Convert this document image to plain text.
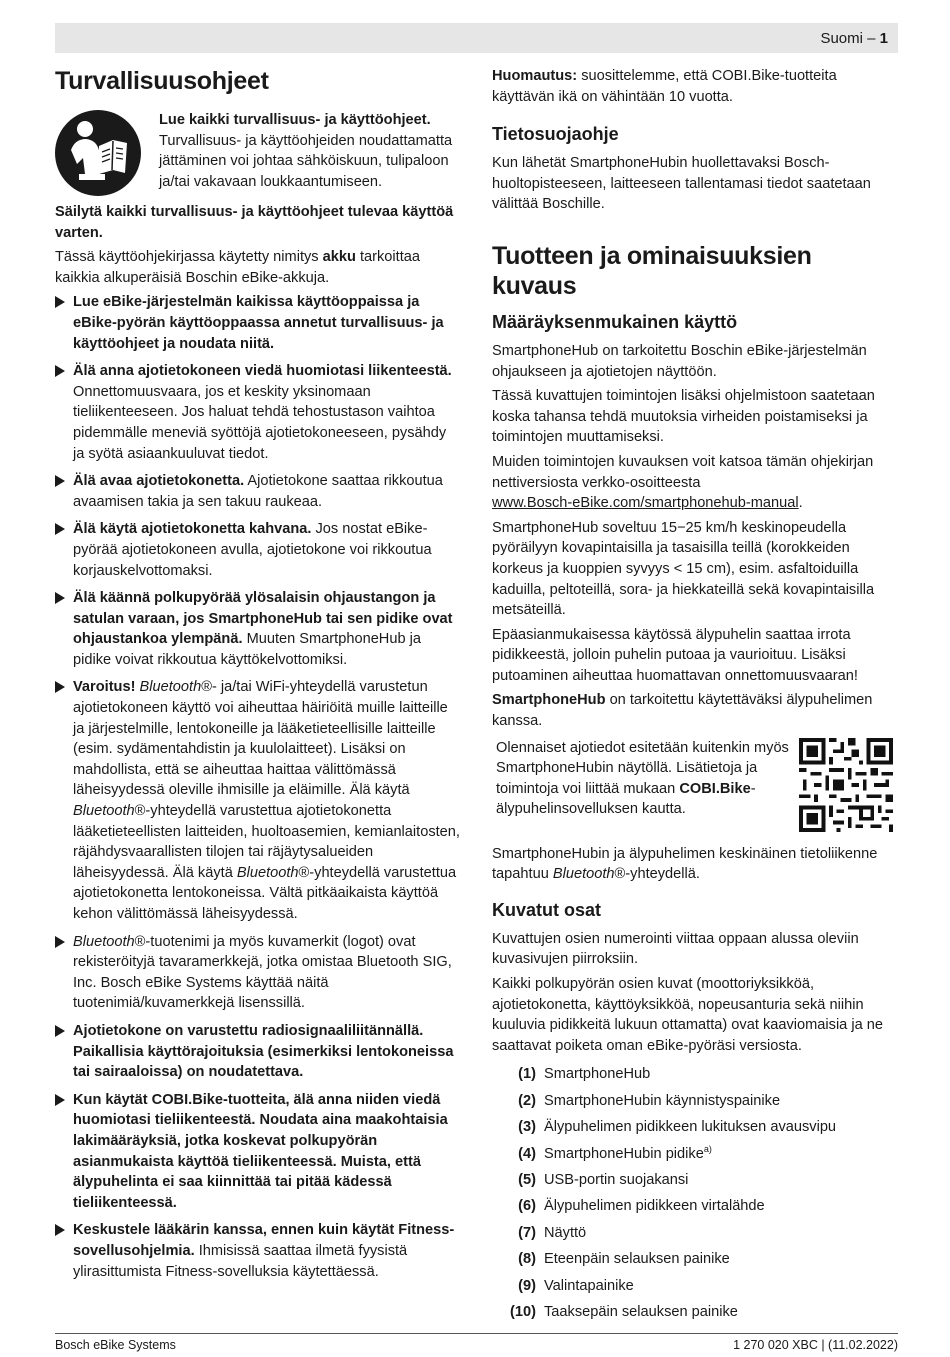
Suomi – 1
Turvallisuusohjeet
Lue kaikki turvallisuus- ja käyttöohjeet.
Turvallisuus- ja käyttöohjeiden noudattamatta jättäminen voi johtaa sähköiskuun, tulipaloon ja/tai vakavaan loukkaantumiseen.

Säilytä kaikki turvallisuus- ja käyttöohjeet tulevaa käyttöä varten.

Tässä käyttöohjekirjassa käytetty nimitys akku tarkoittaa kaikkia alkuperäisiä Boschin eBike-akkuja.

Lue eBike-järjestelmän kaikissa käyttöoppaissa ja eBike-pyörän käyttöoppaassa annetut turvallisuus- ja käyttöohjeet ja noudata niitä.
Älä anna ajotietokoneen viedä huomiotasi liikenteestä. Onnettomuusvaara, jos et keskity yksinomaan tieliikenteeseen. Jos haluat tehdä tehostustason vaihtoa pidemmälle meneviä syöttöjä ajotietokoneeseen, pysähdy ja syötä asiaankuuluvat tiedot.
Älä avaa ajotietokonetta. Ajotietokone saattaa rikkoutua avaamisen takia ja sen takuu raukeaa.
Älä käytä ajotietokonetta kahvana. Jos nostat eBike-pyörää ajotietokoneen avulla, ajotietokone voi rikkoutua korjauskelvottomaksi.
Älä käännä polkupyörää ylösalaisin ohjaustangon ja satulan varaan, jos SmartphoneHub tai sen pidike ovat ohjaustankoa ylempänä. Muuten SmartphoneHub ja pidike voivat rikkoutua käyttökelvottomiksi.
Varoitus! Bluetooth®- ja/tai WiFi-yhteydellä varustetun ajotietokoneen käyttö voi aiheuttaa häiriöitä muille laitteille ja järjestelmille, lentokoneille ja lääketieteellisille laitteille (esim. sydämentahdistin ja kuulolaitteet). Lisäksi on mahdollista, että se aiheuttaa haittaa välittömässä läheisyydessä oleville ihmisille ja eläimille. Älä käytä Bluetooth®-yhteydellä varustettua ajotietokonetta lääketieteellisten laitteiden, huoltoasemien, kemianlaitosten, räjähdysvaarallisten tilojen tai räjäytysalueiden läheisyydessä. Älä käytä Bluetooth®-yhteydellä varustettua ajotietokonetta lentokoneissa. Vältä pitkäaikaista käyttöä kehon välittömässä läheisyydessä.
Bluetooth®-tuotenimi ja myös kuvamerkit (logot) ovat rekisteröityjä tavaramerkkejä, jotka omistaa Bluetooth SIG, Inc. Bosch eBike Systems käyttää näitä tuotenimiä/kuvamerkkejä lisenssillä.
Ajotietokone on varustettu radiosignaaliliitännällä. Paikallisia käyttörajoituksia (esimerkiksi lentokoneissa tai sairaaloissa) on noudatettava.
Kun käytät COBI.Bike-tuotteita, älä anna niiden viedä huomiotasi tieliikenteestä. Noudata aina maakohtaisia lakimääräyksiä, jotka koskevat polkupyörän asianmukaista käyttöä tieliikenteessä. Muista, että älypuhelinta ei saa kiinnittää tai pitää kädessä tieliikenteessä.
Keskustele lääkärin kanssa, ennen kuin käytät Fitness-sovellusohjelmia. Ihmisissä saattaa ilmetä fyysistä ylirasittumista Fitness-sovelluksia käytettäessä.

Huomautus: suosittelemme, että COBI.Bike-tuotteita käyttävän ikä on vähintään 10 vuotta.

Tietosuojaohje

Kun lähetät SmartphoneHubin huollettavaksi Bosch-huoltopisteeseen, laitteeseen tallentamasi tiedot saatetaan välittää Boschille.

Tuotteen ja ominaisuuksien kuvaus
Määräyksenmukainen käyttö

SmartphoneHub on tarkoitettu Boschin eBike-järjestelmän ohjaukseen ja ajotietojen näyttöön.

Tässä kuvattujen toimintojen lisäksi ohjelmistoon saatetaan koska tahansa tehdä muutoksia virheiden poistamiseksi ja toimintojen muuttamiseksi.

Muiden toimintojen kuvauksen voit katsoa tämän ohjekirjan nettiversiosta verkko-osoitteesta
www.Bosch-eBike.com/smartphonehub-manual.

SmartphoneHub soveltuu 15−25 km/h keskinopeudella pyöräilyyn kovapintaisilla ja tasaisilla teillä (korokkeiden korkeus ja kuoppien syvyys < 15 cm), esim. asfaltoiduilla kaduilla, peltoteillä, sora- ja hiekkateillä sekä kovapintaisilla metsäteillä.

Epäasianmukaisessa käytössä älypuhelin saattaa irrota pidikkeestä, jolloin puhelin putoaa ja vaurioituu. Lisäksi putoaminen aiheuttaa huomattavan onnettomuusvaaran!

SmartphoneHub on tarkoitettu käytettäväksi älypuhelimen kanssa.

Olennaiset ajotiedot esitetään kuitenkin myös SmartphoneHubin näytöllä. Lisätietoja ja toimintoja voi liittää mukaan COBI.Bike-älypuhelinsovelluksen kautta.

SmartphoneHubin ja älypuhelimen keskinäinen tietoliikenne tapahtuu Bluetooth®-yhteydellä.

Kuvatut osat

Kuvattujen osien numerointi viittaa oppaan alussa oleviin kuvasivujen piirroksiin.

Kaikki polkupyörän osien kuvat (moottoriyksikköä, ajotietokonetta, käyttöyksikköä, nopeusanturia sekä niihin kuuluvia pidikkeitä lukuun ottamatta) ovat kaaviomaisia ja ne saattavat poiketa oman eBike-pyöräsi versiosta.

(1) SmartphoneHub
(2) SmartphoneHubin käynnistyspainike
(3) Älypuhelimen pidikkeen lukituksen avausvipu
(4) SmartphoneHubin pidike$^{a)}$
(5) USB-portin suojakansi
(6) Älypuhelimen pidikkeen virtalähde
(7) Näyttö
(8) Eteenpäin selauksen painike
(9) Valintapainike
(10) Taaksepäin selauksen painike
Bosch eBike Systems	1 270 020 XBC | (11.02.2022)
